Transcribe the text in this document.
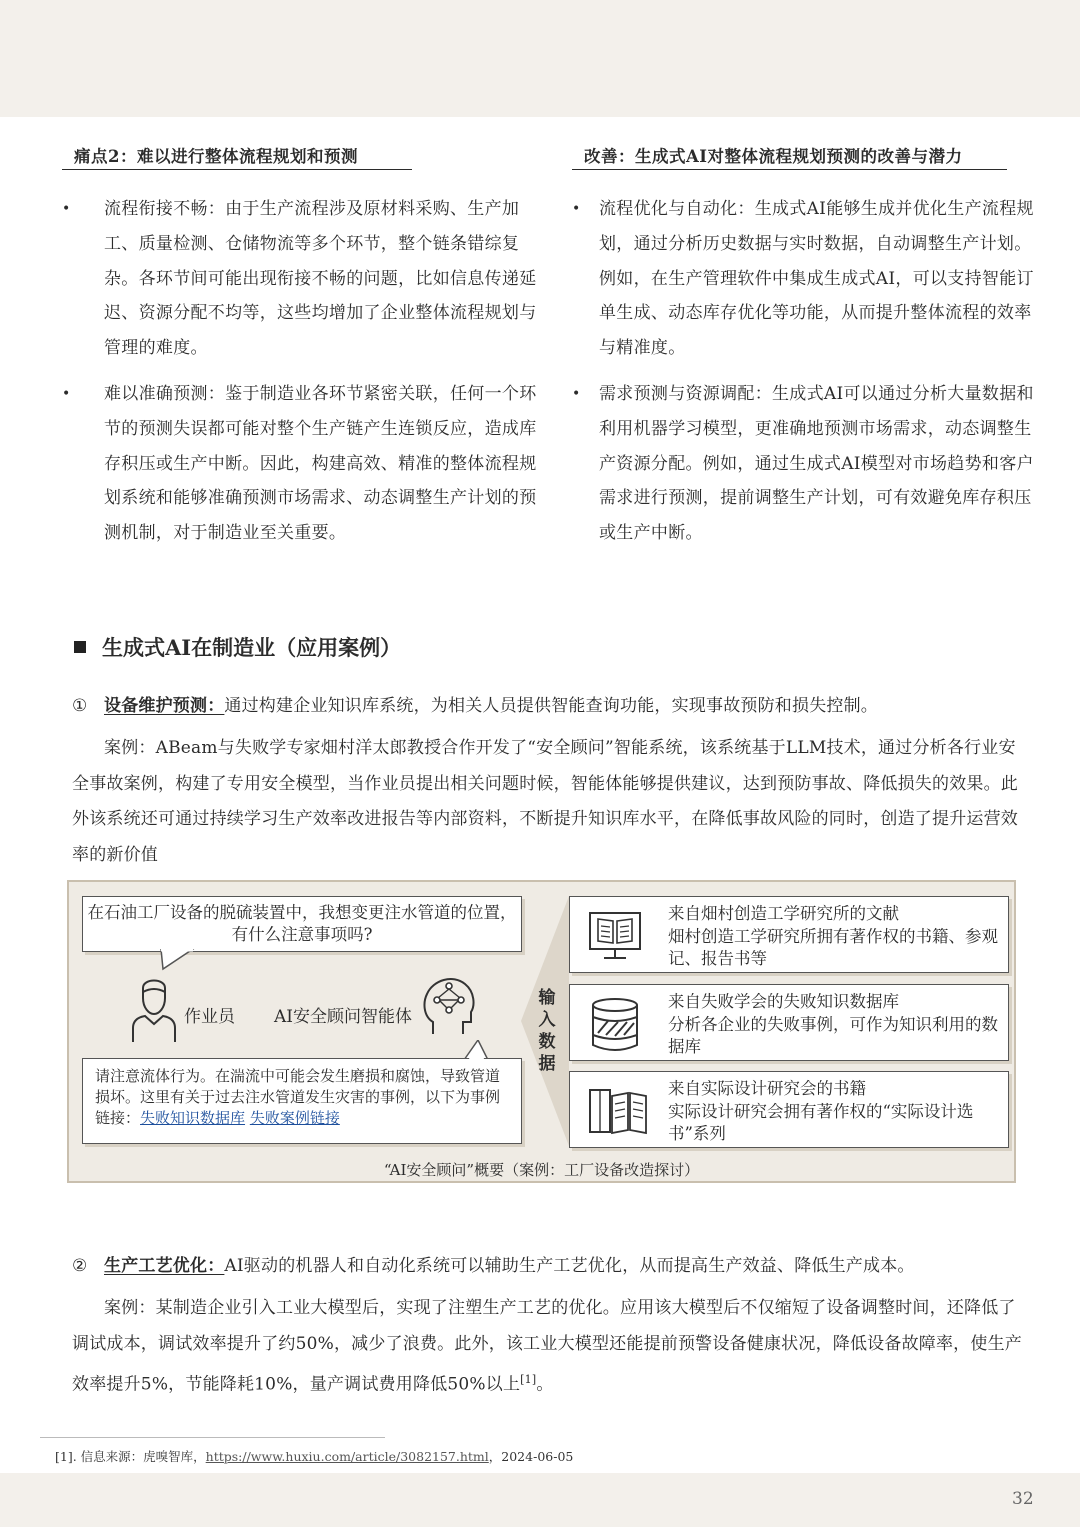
痛点2：难以进行整体流程规划和预测
• 流程衔接不畅：由于生产流程涉及原材料采购、生产加工、质量检测、仓储物流等多个环节，整个链条错综复杂。各环节间可能出现衔接不畅的问题，比如信息传递延迟、资源分配不均等，这些均增加了企业整体流程规划与管理的难度。
• 难以准确预测：鉴于制造业各环节紧密关联，任何一个环节的预测失误都可能对整个生产链产生连锁反应，造成库存积压或生产中断。因此，构建高效、精准的整体流程规划系统和能够准确预测市场需求、动态调整生产计划的预测机制，对于制造业至关重要。
改善：生成式AI对整体流程规划预测的改善与潜力
• 流程优化与自动化：生成式AI能够生成并优化生产流程规划，通过分析历史数据与实时数据，自动调整生产计划。例如，在生产管理软件中集成生成式AI，可以支持智能订单生成、动态库存优化等功能，从而提升整体流程的效率与精准度。
• 需求预测与资源调配：生成式AI可以通过分析大量数据和利用机器学习模型，更准确地预测市场需求，动态调整生产资源分配。例如，通过生成式AI模型对市场趋势和客户需求进行预测，提前调整生产计划，可有效避免库存积压或生产中断。
生成式AI在制造业（应用案例）
① 设备维护预测：通过构建企业知识库系统，为相关人员提供智能查询功能，实现事故预防和损失控制。
案例：ABeam与失败学专家畑村洋太郎教授合作开发了“安全顾问”智能系统，该系统基于LLM技术，通过分析各行业安全事故案例，构建了专用安全模型，当作业员提出相关问题时候，智能体能够提供建议，达到预防事故、降低损失的效果。此外该系统还可通过持续学习生产效率改进报告等内部资料，不断提升知识库水平，在降低事故风险的同时，创造了提升运营效率的新价值
在石油工厂设备的脱硫装置中，我想变更注水管道的位置，有什么注意事项吗?
作业员 AI安全顾问智能体
请注意流体行为。在湍流中可能会发生磨损和腐蚀，导致管道损坏。这里有关于过去注水管道发生灾害的事例，以下为事例链接：失败知识数据库 失败案例链接
输入数据
来自畑村创造工学研究所的文献
畑村创造工学研究所拥有著作权的书籍、参观记、报告书等
来自失败学会的失败知识数据库
分析各企业的失败事例，可作为知识利用的数据库
来自实际设计研究会的书籍
实际设计研究会拥有著作权的“实际设计选书”系列
“AI安全顾问”概要（案例：工厂设备改造探讨）
② 生产工艺优化：AI驱动的机器人和自动化系统可以辅助生产工艺优化，从而提高生产效益、降低生产成本。
案例：某制造企业引入工业大模型后，实现了注塑生产工艺的优化。应用该大模型后不仅缩短了设备调整时间，还降低了调试成本，调试效率提升了约50%，减少了浪费。此外，该工业大模型还能提前预警设备健康状况，降低设备故障率，使生产效率提升5%，节能降耗10%，量产调试费用降低50%以上[1]。
[1]. 信息来源：虎嗅智库，https://www.huxiu.com/article/3082157.html，2024-06-05
32
